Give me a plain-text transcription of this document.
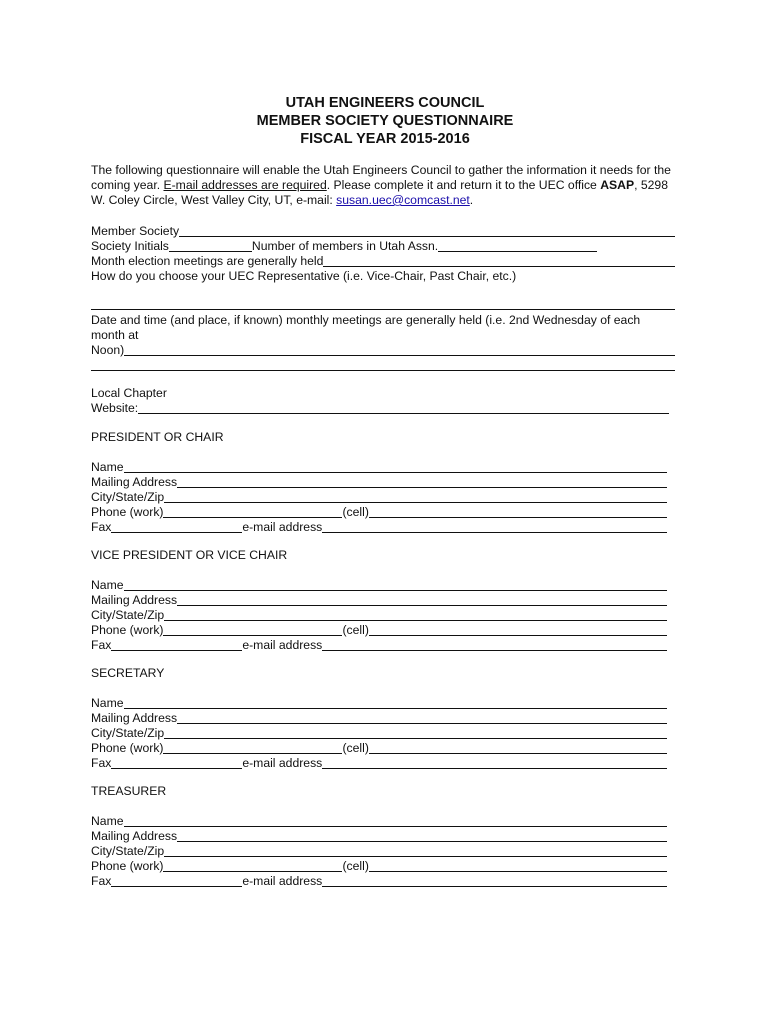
UTAH ENGINEERS COUNCIL

MEMBER SOCIETY QUESTIONNAIRE

FISCAL YEAR 2015-2016

The following questionnaire will enable the Utah Engineers Council to gather the information it needs for the coming year. E-mail addresses are required. Please complete it and return it to the UEC office ASAP, 5298 W. Coley Circle, West Valley City, UT, e-mail: susan.uec@comcast.net.

Member Society
Society Initials	Number of members in Utah Assn.
Month election meetings are generally held
How do you choose your UEC Representative (i.e. Vice-Chair, Past Chair, etc.)
Date and time (and place, if known) monthly meetings are generally held (i.e. 2nd Wednesday of each
month at
Noon)
Local Chapter
Website:
PRESIDENT OR CHAIR
Name
Mailing Address
City/State/Zip
Phone (work)	(cell)
Fax	e-mail address
VICE PRESIDENT OR VICE CHAIR
Name
Mailing Address
City/State/Zip
Phone (work)	(cell)
Fax	e-mail address
SECRETARY
Name
Mailing Address
City/State/Zip
Phone (work)	(cell)
Fax	e-mail address
TREASURER
Name
Mailing Address
City/State/Zip
Phone (work)	(cell)
Fax	e-mail address
